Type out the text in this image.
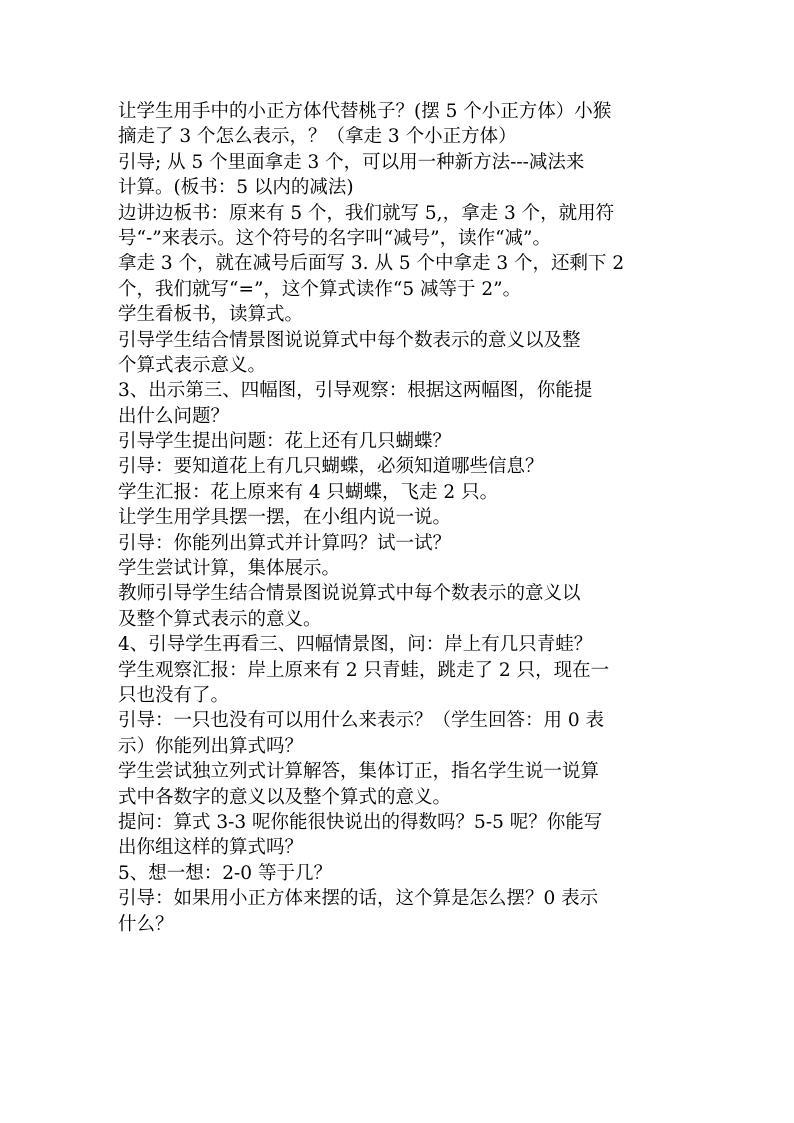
让学生用手中的小正方体代替桃子？(摆 5 个小正方体）小猴
摘走了 3 个怎么表示，？（拿走 3 个小正方体）
引导; 从 5 个里面拿走 3 个，可以用一种新方法---减法来
计算。(板书：5 以内的减法)
边讲边板书：原来有 5 个，我们就写 5,，拿走 3 个，就用符
号“-”来表示。这个符号的名字叫“减号”，读作“减”。
拿走 3 个，就在减号后面写 3. 从 5 个中拿走 3 个，还剩下 2
个，我们就写“=”，这个算式读作“5 减等于 2”。
学生看板书，读算式。
引导学生结合情景图说说算式中每个数表示的意义以及整
个算式表示意义。
3、出示第三、四幅图，引导观察：根据这两幅图，你能提
出什么问题？
引导学生提出问题：花上还有几只蝴蝶？
引导：要知道花上有几只蝴蝶，必须知道哪些信息？
学生汇报：花上原来有 4 只蝴蝶，飞走 2 只。
让学生用学具摆一摆，在小组内说一说。
引导：你能列出算式并计算吗？试一试？
学生尝试计算，集体展示。
教师引导学生结合情景图说说算式中每个数表示的意义以
及整个算式表示的意义。
4、引导学生再看三、四幅情景图，问：岸上有几只青蛙？
学生观察汇报：岸上原来有 2 只青蛙，跳走了 2 只，现在一
只也没有了。
引导：一只也没有可以用什么来表示？（学生回答：用 0 表
示）你能列出算式吗？
学生尝试独立列式计算解答，集体订正，指名学生说一说算
式中各数字的意义以及整个算式的意义。
提问：算式 3-3 呢你能很快说出的得数吗？5-5 呢？你能写
出你组这样的算式吗？
5、想一想：2-0 等于几？
引导：如果用小正方体来摆的话，这个算是怎么摆？0 表示
什么？
